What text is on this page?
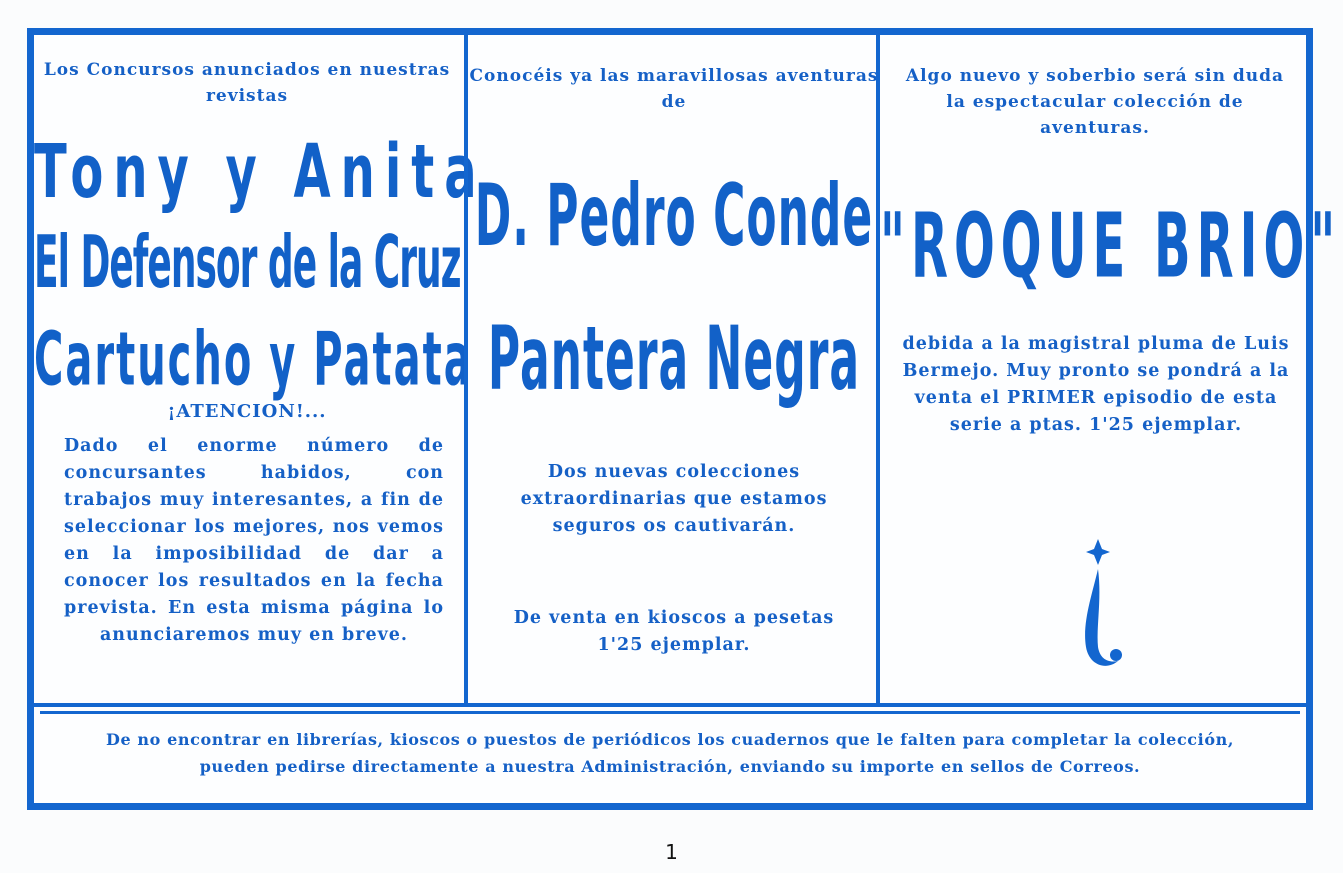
Los Concursos anunciados en nuestras revistas
Tony y Anita
El Defensor de la Cruz
Cartucho y Patata
¡ATENCION!...
Dado el enorme número de concursantes habidos, con trabajos muy interesantes, a fin de seleccionar los mejores, nos vemos en la imposibilidad de dar a conocer los resultados en la fecha prevista. En esta misma página lo anunciaremos muy en breve.
Conocéis ya las maravillosas aventuras de
D. Pedro Conde
Pantera Negra
Dos nuevas colecciones extraordinarias que estamos seguros os cautivarán.
De venta en kioscos a pesetas 1'25 ejemplar.
Algo nuevo y soberbio será sin duda la espectacular colección de aventuras.
"ROQUE BRIO"
debida a la magistral pluma de Luis Bermejo. Muy pronto se pondrá a la venta el PRIMER episodio de esta serie a ptas. 1'25 ejemplar.
De no encontrar en librerías, kioscos o puestos de periódicos los cuadernos que le falten para completar la colección, pueden pedirse directamente a nuestra Administración, enviando su importe en sellos de Correos.
1
